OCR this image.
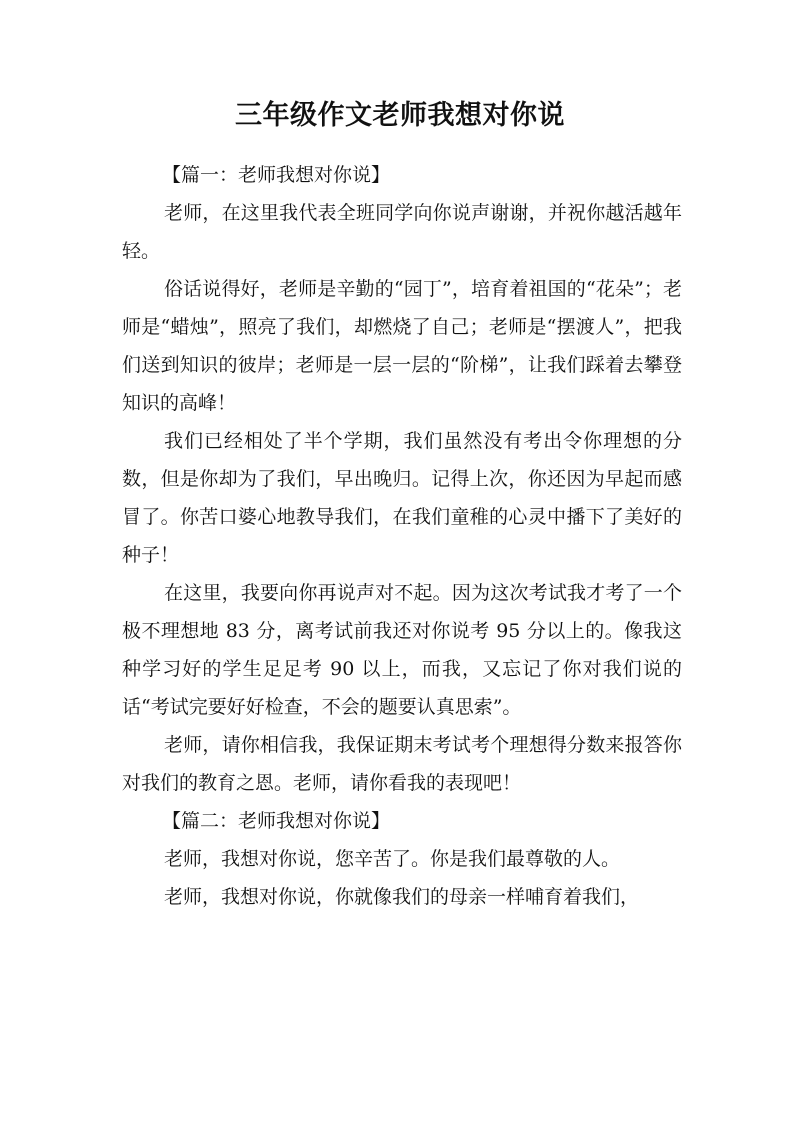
三年级作文老师我想对你说

【篇一：老师我想对你说】

老师，在这里我代表全班同学向你说声谢谢，并祝你越活越年轻。

俗话说得好，老师是辛勤的“园丁”，培育着祖国的“花朵”；老师是“蜡烛”，照亮了我们，却燃烧了自己；老师是“摆渡人”，把我们送到知识的彼岸；老师是一层一层的“阶梯”，让我们踩着去攀登知识的高峰！

我们已经相处了半个学期，我们虽然没有考出令你理想的分数，但是你却为了我们，早出晚归。记得上次，你还因为早起而感冒了。你苦口婆心地教导我们，在我们童稚的心灵中播下了美好的种子！

在这里，我要向你再说声对不起。因为这次考试我才考了一个极不理想地 83 分，离考试前我还对你说考 95 分以上的。像我这种学习好的学生足足考 90 以上，而我，又忘记了你对我们说的话“考试完要好好检查，不会的题要认真思索”。

老师，请你相信我，我保证期末考试考个理想得分数来报答你对我们的教育之恩。老师，请你看我的表现吧！

【篇二：老师我想对你说】

老师，我想对你说，您辛苦了。你是我们最尊敬的人。

老师，我想对你说，你就像我们的母亲一样哺育着我们，
